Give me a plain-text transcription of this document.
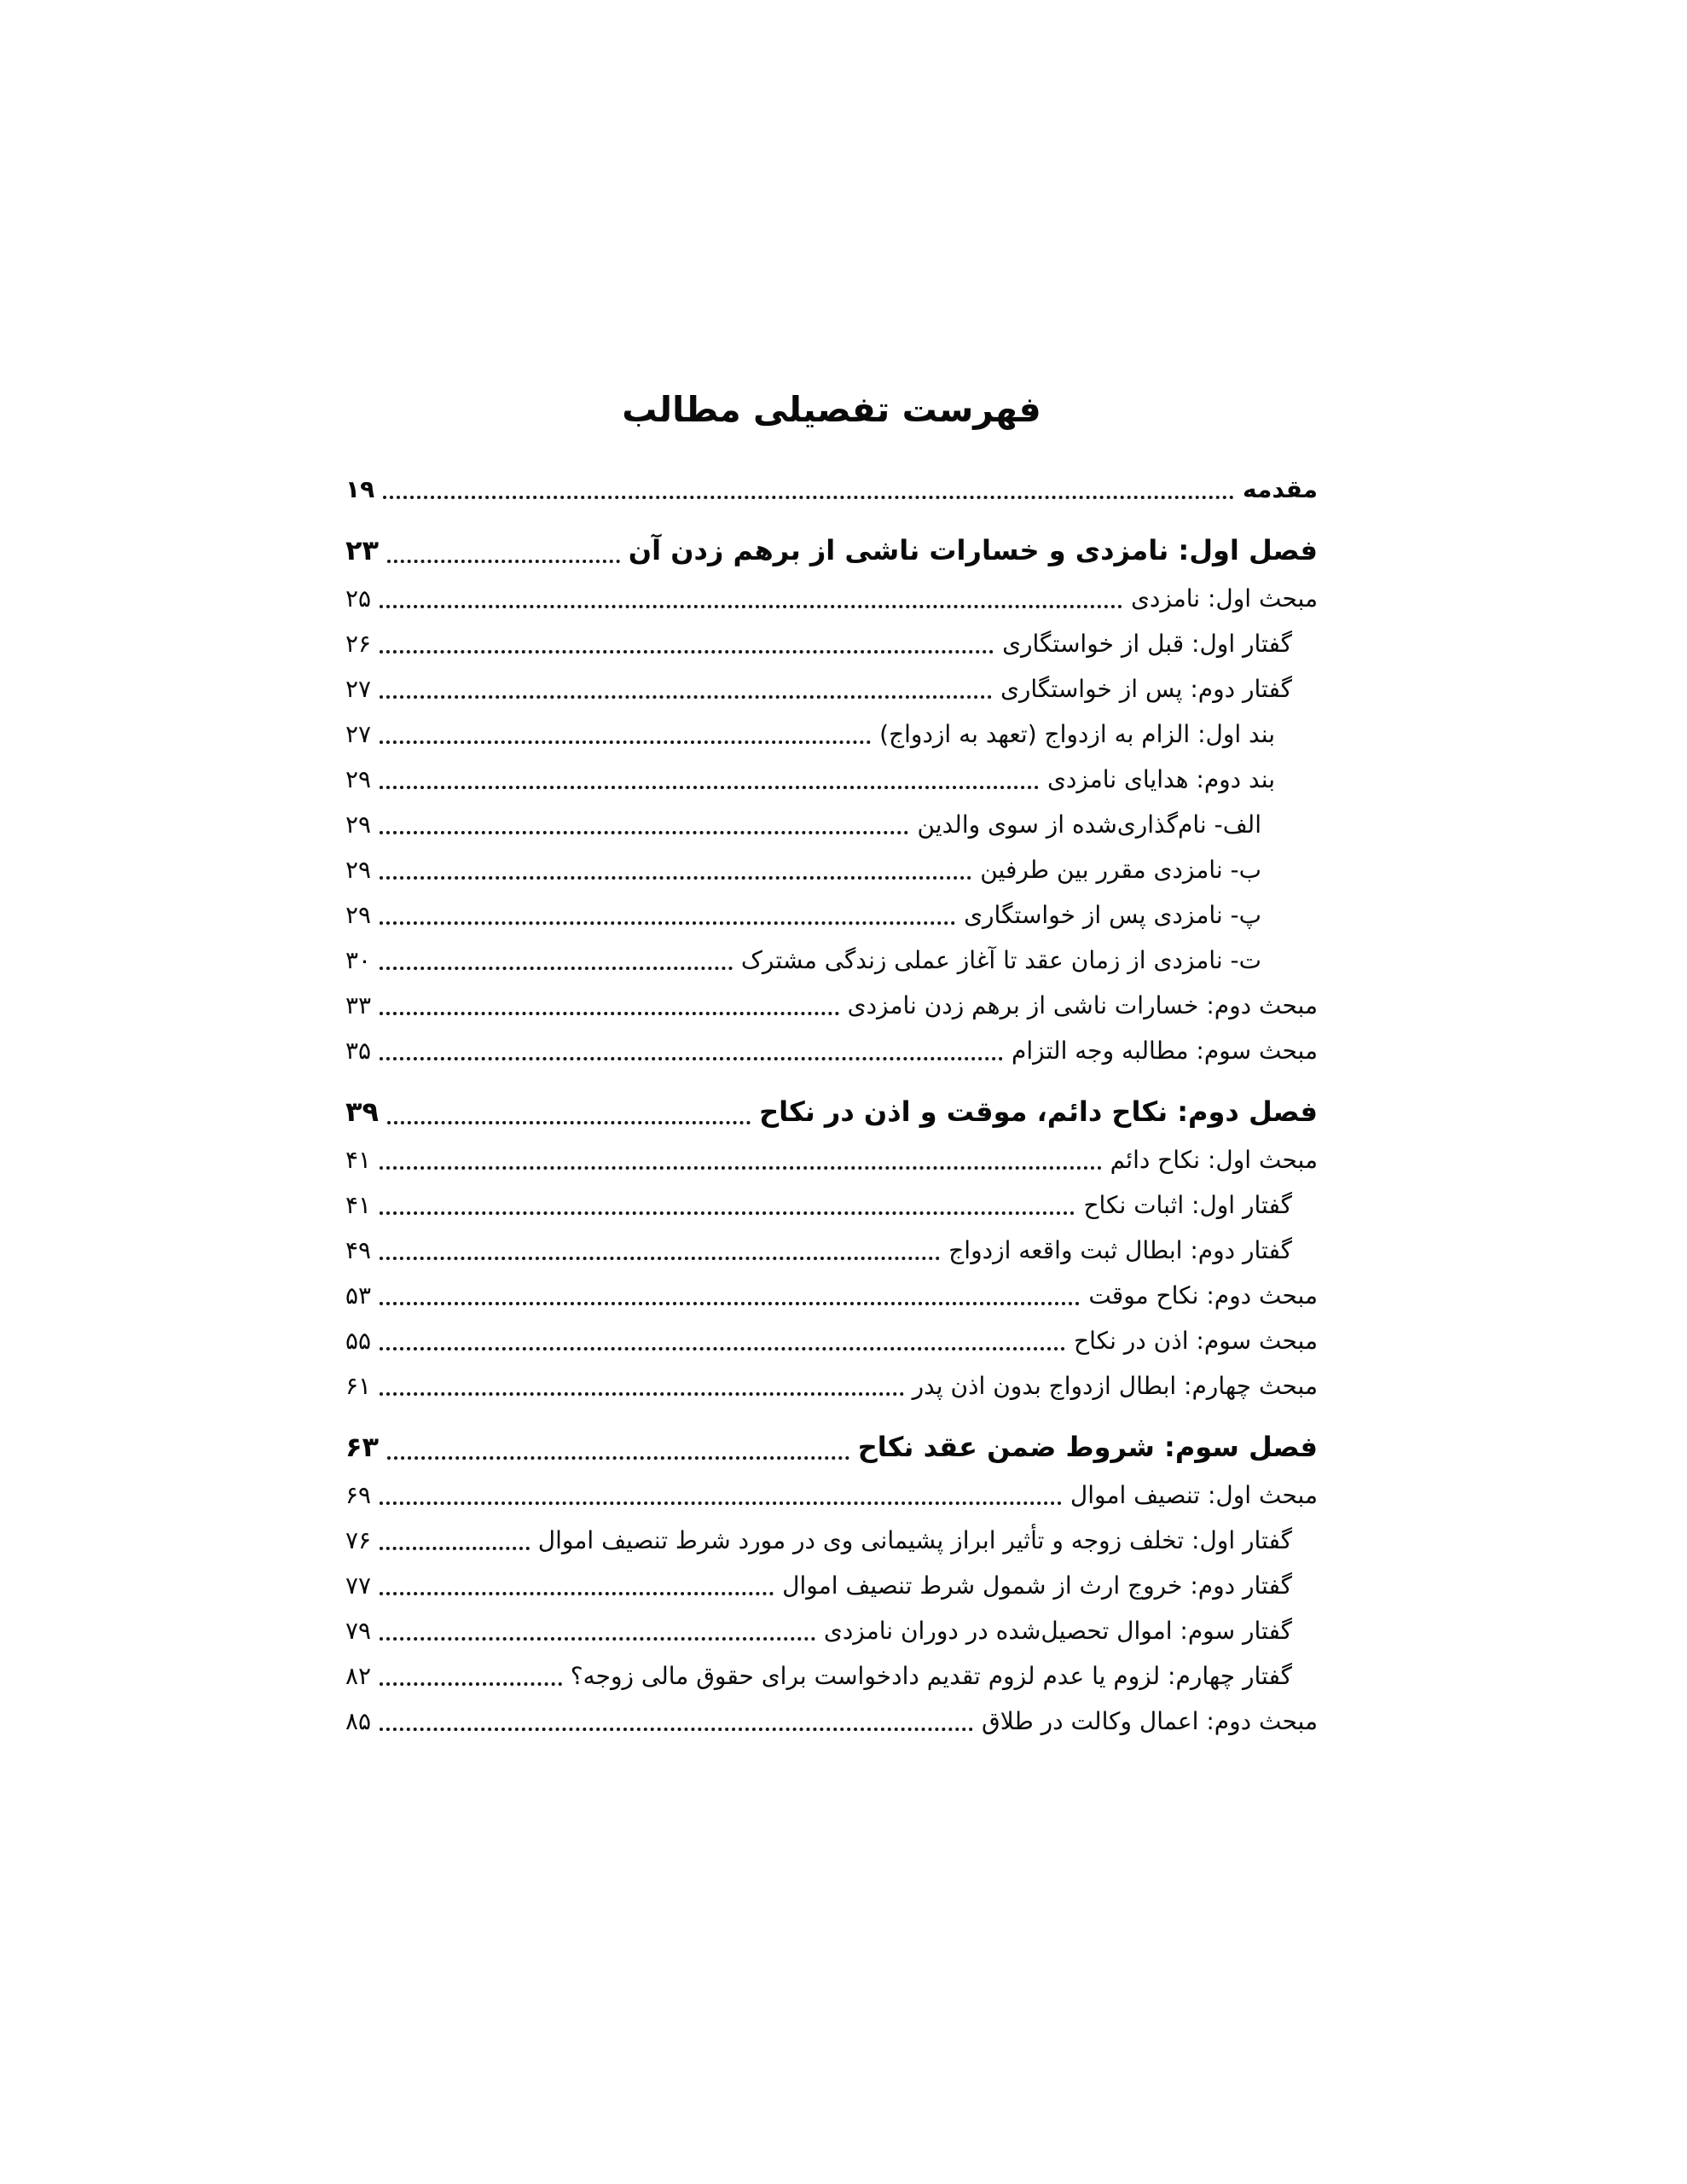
فهرست تفصیلی مطالب
مقدمه
۱۹
فصل اول: نامزدی و خسارات ناشی از برهم زدن آن
۲۳
مبحث اول: نامزدی
۲۵
گفتار اول: قبل از خواستگاری
۲۶
گفتار دوم: پس از خواستگاری
۲۷
بند اول: الزام به ازدواج (تعهد به ازدواج)
۲۷
بند دوم: هدایای نامزدی
۲۹
الف- نام‌گذاری‌شده از سوی والدین
۲۹
ب- نامزدی مقرر بین طرفین
۲۹
پ- نامزدی پس از خواستگاری
۲۹
ت- نامزدی از زمان عقد تا آغاز عملی زندگی مشترک
۳۰
مبحث دوم: خسارات ناشی از برهم زدن نامزدی
۳۳
مبحث سوم: مطالبه وجه التزام
۳۵
فصل دوم: نکاح دائم، موقت و اذن در نکاح
۳۹
مبحث اول: نکاح دائم
۴۱
گفتار اول: اثبات نکاح
۴۱
گفتار دوم: ابطال ثبت واقعه ازدواج
۴۹
مبحث دوم: نکاح موقت
۵۳
مبحث سوم: اذن در نکاح
۵۵
مبحث چهارم: ابطال ازدواج بدون اذن پدر
۶۱
فصل سوم: شروط ضمن عقد نکاح
۶۳
مبحث اول: تنصیف اموال
۶۹
گفتار اول: تخلف زوجه و تأثیر ابراز پشیمانی وی در مورد شرط تنصیف اموال
۷۶
گفتار دوم: خروج ارث از شمول شرط تنصیف اموال
۷۷
گفتار سوم: اموال تحصیل‌شده در دوران نامزدی
۷۹
گفتار چهارم: لزوم یا عدم لزوم تقدیم دادخواست برای حقوق مالی زوجه؟
۸۲
مبحث دوم: اعمال وکالت در طلاق
۸۵
